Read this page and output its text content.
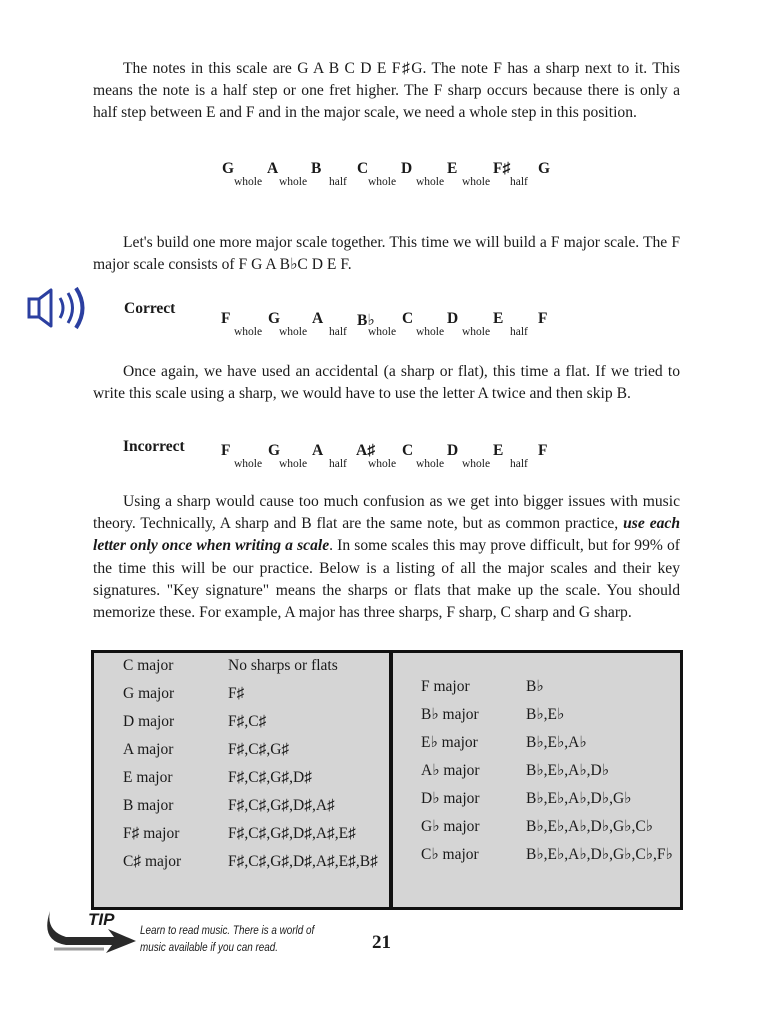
The notes in this scale are G A B C D E F♯G. The note F has a sharp next to it. This means the note is a half step or one fret higher. The F sharp occurs because there is only a half step between E and F and in the major scale, we need a whole step in this position.

G A B C D E F♯ G
whole whole half whole whole whole half

Let's build one more major scale together. This time we will build a F major scale. The F major scale consists of F G A B♭C D E F.

Correct
F G A B♭ C D E F
whole whole half whole whole whole half

Once again, we have used an accidental (a sharp or flat), this time a flat. If we tried to write this scale using a sharp, we would have to use the letter A twice and then skip B.

Incorrect F G A A♯ C D E F
whole whole half whole whole whole half

Using a sharp would cause too much confusion as we get into bigger issues with music theory. Technically, A sharp and B flat are the same note, but as common practice, use each letter only once when writing a scale. In some scales this may prove difficult, but for 99% of the time this will be our practice. Below is a listing of all the major scales and their key signatures. "Key signature" means the sharps or flats that make up the scale. You should memorize these. For example, A major has three sharps, F sharp, C sharp and G sharp.

C major	No sharps or flats
G major	F♯
D major	F♯,C♯
A major	F♯,C♯,G♯
E major	F♯,C♯,G♯,D♯
B major	F♯,C♯,G♯,D♯,A♯
F♯ major	F♯,C♯,G♯,D♯,A♯,E♯
C♯ major	F♯,C♯,G♯,D♯,A♯,E♯,B♯
F major	B♭
B♭ major	B♭,E♭
E♭ major	B♭,E♭,A♭
A♭ major	B♭,E♭,A♭,D♭
D♭ major	B♭,E♭,A♭,D♭,G♭
G♭ major	B♭,E♭,A♭,D♭,G♭,C♭
C♭ major	B♭,E♭,A♭,D♭,G♭,C♭,F♭
TIP
Learn to read music. There is a world of
music available if you can read.	21
